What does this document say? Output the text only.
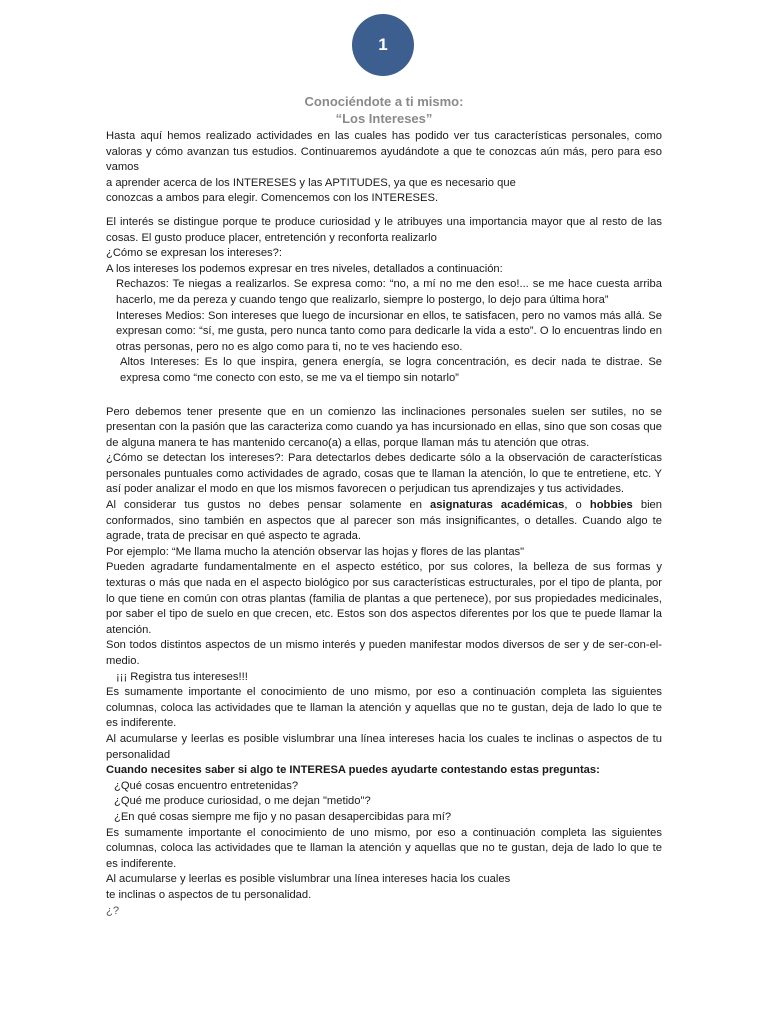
1
Conociéndote a ti mismo:
“Los Intereses”

Hasta aquí hemos realizado actividades en las cuales has podido ver tus características personales, como valoras y cómo avanzan tus estudios. Continuaremos ayudándote a que te conozcas aún más, pero para eso vamos

a aprender acerca de los INTERESES y las APTITUDES, ya que es necesario que

conozcas a ambos para elegir. Comencemos con los INTERESES.

El interés se distingue porque te produce curiosidad y le atribuyes una importancia mayor que al resto de las cosas. El gusto produce placer, entretención y reconforta realizarlo

¿Cómo se expresan los intereses?:

A los intereses los podemos expresar en tres niveles, detallados a continuación:

Rechazos: Te niegas a realizarlos. Se expresa como: “no, a mí no me den eso!... se me hace cuesta arriba hacerlo, me da pereza y cuando tengo que realizarlo, siempre lo postergo, lo dejo para última hora”

Intereses Medios: Son intereses que luego de incursionar en ellos, te satisfacen, pero no vamos más allá. Se expresan como: “sí, me gusta, pero nunca tanto como para dedicarle la vida a esto”. O lo encuentras lindo en otras personas, pero no es algo como para ti, no te ves haciendo eso.

Altos Intereses: Es lo que inspira, genera energía, se logra concentración, es decir nada te distrae. Se expresa como “me conecto con esto, se me va el tiempo sin notarlo”

Pero debemos tener presente que en un comienzo las inclinaciones personales suelen ser sutiles, no se presentan con la pasión que las caracteriza como cuando ya has incursionado en ellas, sino que son cosas que de alguna manera te has mantenido cercano(a) a ellas, porque llaman más tu atención que otras.

¿Cómo se detectan los intereses?: Para detectarlos debes dedicarte sólo a la observación de características personales puntuales como actividades de agrado, cosas que te llaman la atención, lo que te entretiene, etc. Y así poder analizar el modo en que los mismos favorecen o perjudican tus aprendizajes y tus actividades.

Al considerar tus gustos no debes pensar solamente en asignaturas académicas, o hobbies bien conformados, sino también en aspectos que al parecer son más insignificantes, o detalles. Cuando algo te agrade, trata de precisar en qué aspecto te agrada.

Por ejemplo: “Me llama mucho la atención observar las hojas y flores de las plantas"

Pueden agradarte fundamentalmente en el aspecto estético, por sus colores, la belleza de sus formas y texturas o más que nada en el aspecto biológico por sus características estructurales, por el tipo de planta, por lo que tiene en común con otras plantas (familia de plantas a que pertenece), por sus propiedades medicinales, por saber el tipo de suelo en que crecen, etc. Estos son dos aspectos diferentes por los que te puede llamar la atención.

Son todos distintos aspectos de un mismo interés y pueden manifestar modos diversos de ser y de ser-con-el-medio.

¡¡¡ Registra tus intereses!!!

Es sumamente importante el conocimiento de uno mismo, por eso a continuación completa las siguientes columnas, coloca las actividades que te llaman la atención y aquellas que no te gustan, deja de lado lo que te es indiferente.

Al acumularse y leerlas es posible vislumbrar una línea intereses hacia los cuales te inclinas o aspectos de tu personalidad

Cuando necesites saber si algo te INTERESA puedes ayudarte contestando estas preguntas:

¿Qué cosas encuentro entretenidas?

¿Qué me produce curiosidad, o me dejan "metido"?

¿En qué cosas siempre me fijo y no pasan desapercibidas para mí?

Es sumamente importante el conocimiento de uno mismo, por eso a continuación completa las siguientes columnas, coloca las actividades que te llaman la atención y aquellas que no te gustan, deja de lado lo que te es indiferente.

Al acumularse y leerlas es posible vislumbrar una línea intereses hacia los cuales

te inclinas o aspectos de tu personalidad.

¿?
